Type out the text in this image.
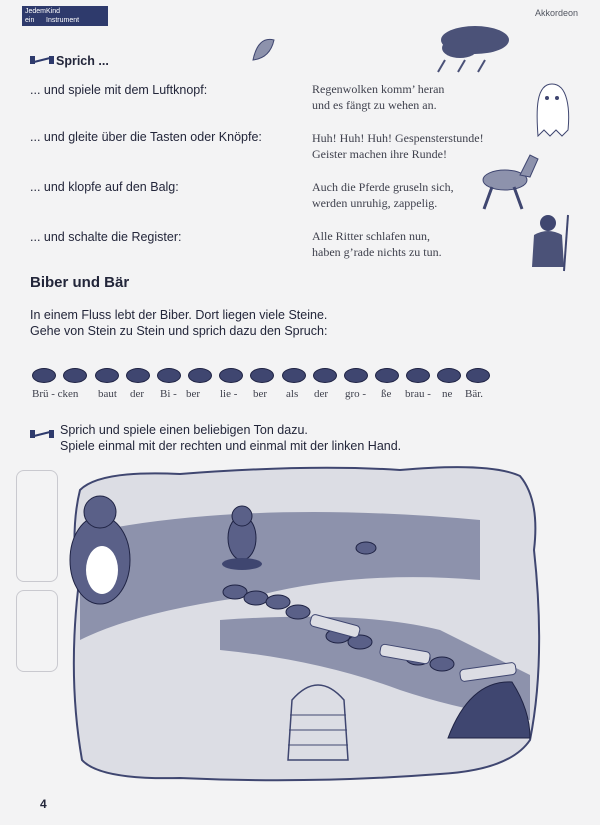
Jedem Kind
ein Instrument
Akkordeon
Sprich ...
... und spiele mit dem Luftknopf:	Regenwolken komm’ heran
und es fängt zu wehen an.
... und gleite über die Tasten oder Knöpfe:	Huh! Huh! Huh! Gespensterstunde!
Geister machen ihre Runde!
... und klopfe auf den Balg:	Auch die Pferde gruseln sich,
werden unruhig, zappelig.
... und schalte die Register:	Alle Ritter schlafen nun,
haben g’rade nichts zu tun.
Biber und Bär
In einem Fluss lebt der Biber. Dort liegen viele Steine.
Gehe von Stein zu Stein und sprich dazu den Spruch:
Brü - cken baut der Bi - ber lie - ber als der gro - ße brau - ne Bär.
Sprich und spiele einen beliebigen Ton dazu.
Spiele einmal mit der rechten und einmal mit der linken Hand.
4
